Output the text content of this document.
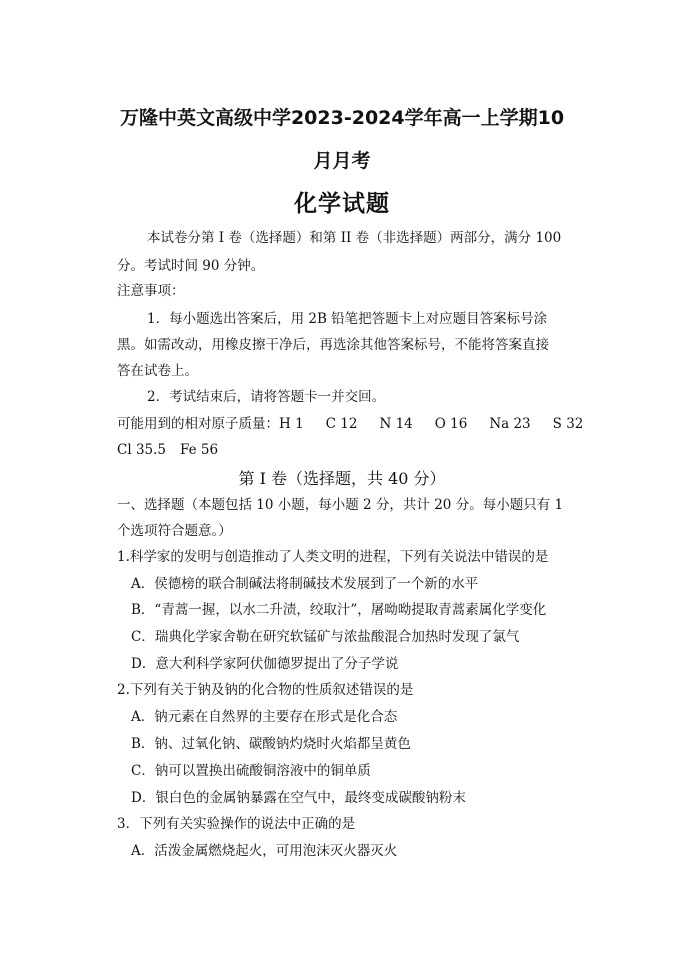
万隆中英文高级中学2023-2024学年高一上学期10
月月考
化学试题
本试卷分第 I 卷（选择题）和第 II 卷（非选择题）两部分，满分 100
分。考试时间 90 分钟。
注意事项：
1．每小题选出答案后，用 2B 铅笔把答题卡上对应题目答案标号涂
黑。如需改动，用橡皮擦干净后，再选涂其他答案标号，不能将答案直接
答在试卷上。
2．考试结束后，请将答题卡一并交回。
可能用到的相对原子质量：H 1 C 12 N 14 O 16 Na 23 S 32
Cl 35.5 Fe 56
第 I 卷（选择题，共 40 分）
一、选择题（本题包括 10 小题，每小题 2 分，共计 20 分。每小题只有 1
个选项符合题意。）
1.科学家的发明与创造推动了人类文明的进程，下列有关说法中错误的是
A．侯德榜的联合制碱法将制碱技术发展到了一个新的水平
B．“青蒿一握，以水二升渍，绞取汁”，屠呦呦提取青蒿素属化学变化
C．瑞典化学家舍勒在研究软锰矿与浓盐酸混合加热时发现了氯气
D．意大利科学家阿伏伽德罗提出了分子学说
2.下列有关于钠及钠的化合物的性质叙述错误的是
A．钠元素在自然界的主要存在形式是化合态
B．钠、过氧化钠、碳酸钠灼烧时火焰都呈黄色
C．钠可以置换出硫酸铜溶液中的铜单质
D．银白色的金属钠暴露在空气中，最终变成碳酸钠粉末
3．下列有关实验操作的说法中正确的是
A．活泼金属燃烧起火，可用泡沫灭火器灭火
